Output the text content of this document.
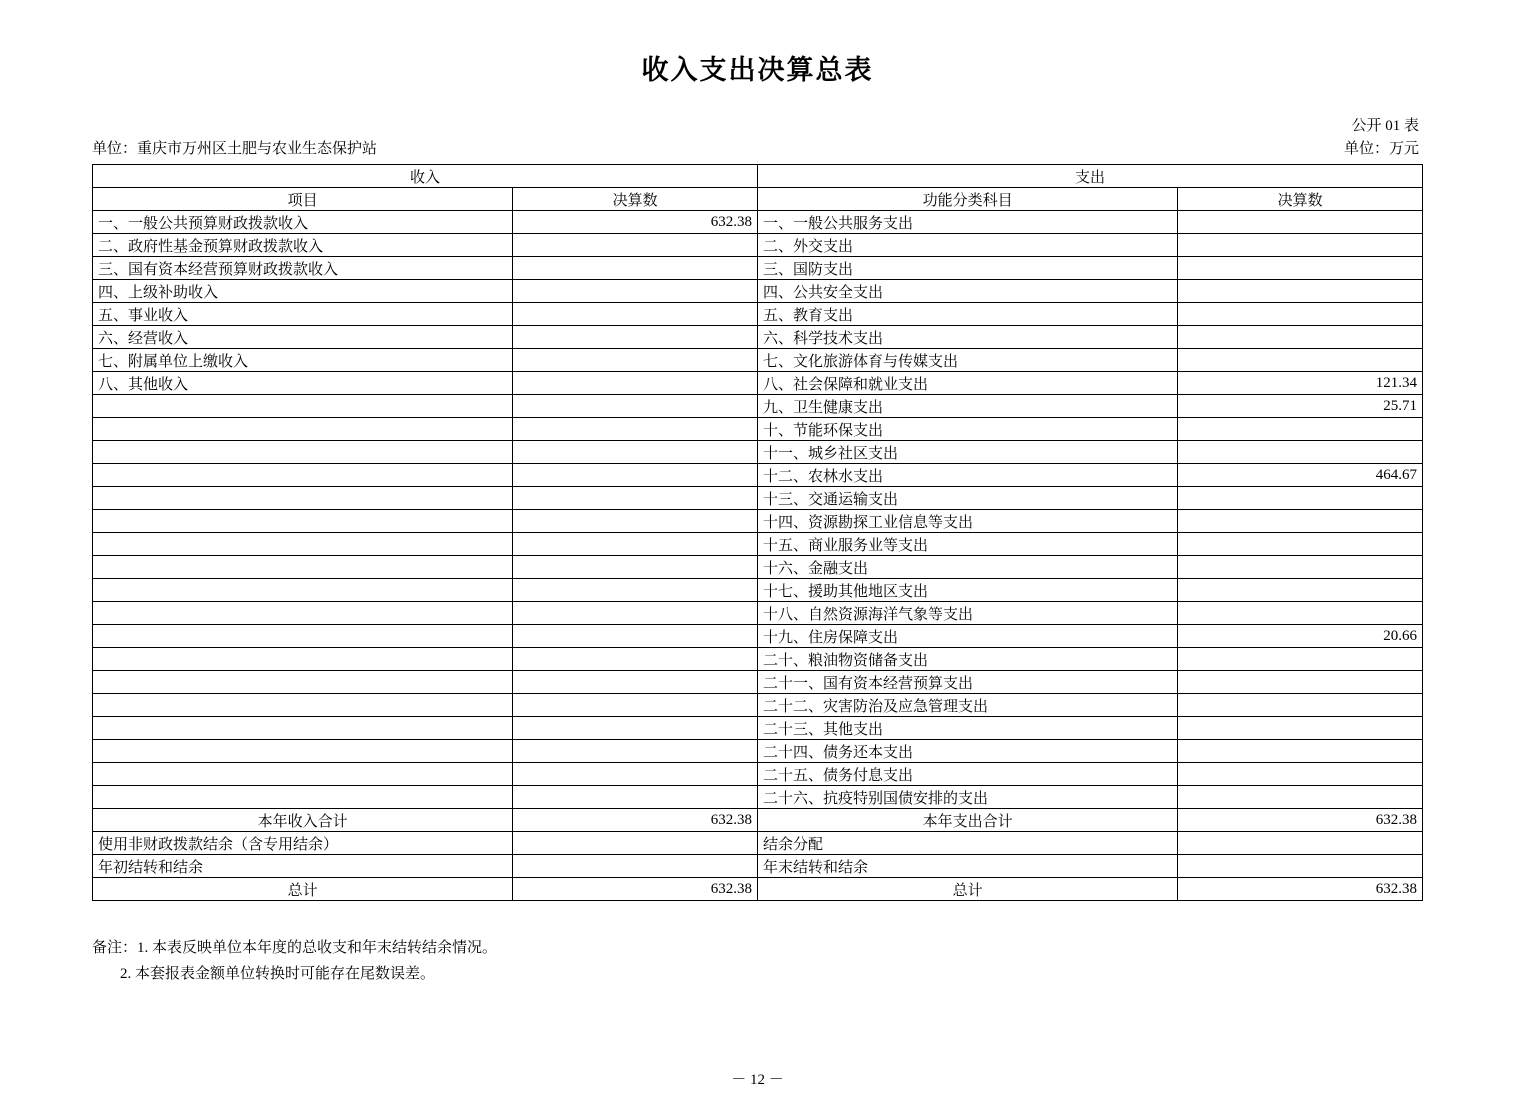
收入支出决算总表
公开 01 表
单位：重庆市万州区土肥与农业生态保护站	单位：万元
收入		支出	
项目	决算数	功能分类科目	决算数
一、一般公共预算财政拨款收入	632.38	一、一般公共服务支出	
二、政府性基金预算财政拨款收入		二、外交支出	
三、国有资本经营预算财政拨款收入		三、国防支出	
四、上级补助收入		四、公共安全支出	
五、事业收入		五、教育支出	
六、经营收入		六、科学技术支出	
七、附属单位上缴收入		七、文化旅游体育与传媒支出	
八、其他收入		八、社会保障和就业支出	121.34
		九、卫生健康支出	25.71
		十、节能环保支出	
		十一、城乡社区支出	
		十二、农林水支出	464.67
		十三、交通运输支出	
		十四、资源勘探工业信息等支出	
		十五、商业服务业等支出	
		十六、金融支出	
		十七、援助其他地区支出	
		十八、自然资源海洋气象等支出	
		十九、住房保障支出	20.66
		二十、粮油物资储备支出	
		二十一、国有资本经营预算支出	
		二十二、灾害防治及应急管理支出	
		二十三、其他支出	
		二十四、债务还本支出	
		二十五、债务付息支出	
		二十六、抗疫特别国债安排的支出	
本年收入合计	632.38	本年支出合计	632.38
使用非财政拨款结余（含专用结余）		结余分配	
年初结转和结余		年末结转和结余	
总计	632.38	总计	632.38
备注：1. 本表反映单位本年度的总收支和年末结转结余情况。
2. 本套报表金额单位转换时可能存在尾数误差。
－ 12 －
